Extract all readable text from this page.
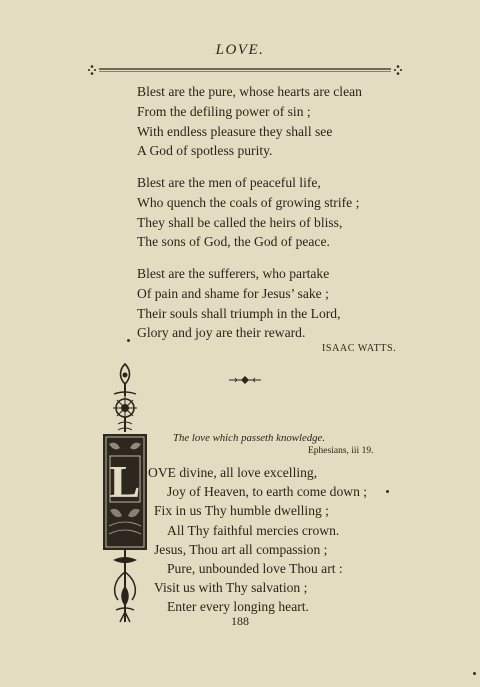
LOVE.
Blest are the pure, whose hearts are clean
From the defiling power of sin ;
With endless pleasure they shall see
A God of spotless purity.
Blest are the men of peaceful life,
Who quench the coals of growing strife ;
They shall be called the heirs of bliss,
The sons of God, the God of peace.
Blest are the sufferers, who partake
Of pain and shame for Jesus’ sake ;
Their souls shall triumph in the Lord,
Glory and joy are their reward.
ISAAC WATTS.
L
The love which passeth knowledge.
Ephesians, iii 19.
OVE divine, all love excelling,
Joy of Heaven, to earth come down ;
Fix in us Thy humble dwelling ;
All Thy faithful mercies crown.
Jesus, Thou art all compassion ;
Pure, unbounded love Thou art :
Visit us with Thy salvation ;
Enter every longing heart.
188
